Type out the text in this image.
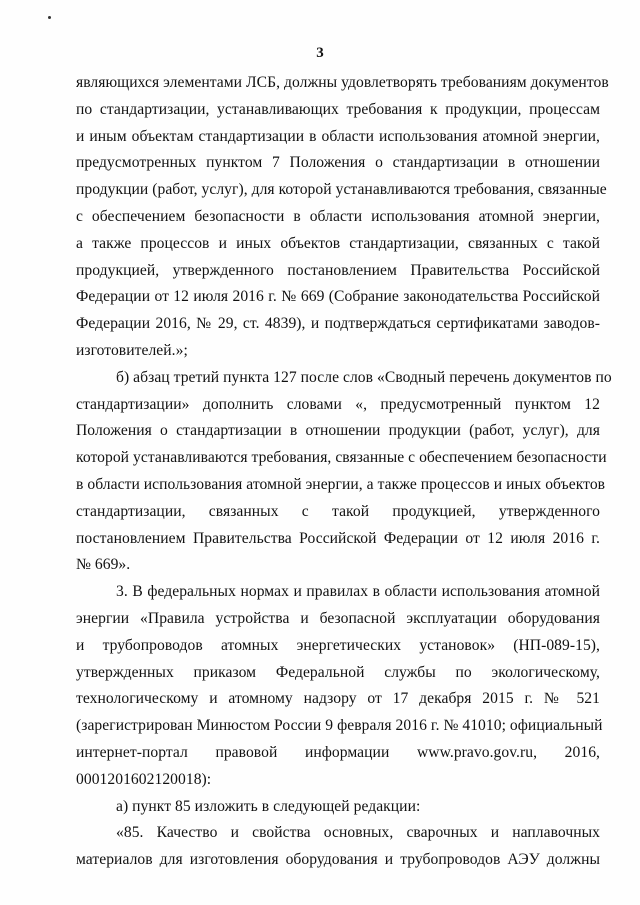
3

являющихся элементами ЛСБ, должны удовлетворять требованиям документов
по стандартизации, устанавливающих требования к продукции, процессам
и иным объектам стандартизации в области использования атомной энергии,
предусмотренных пунктом 7 Положения о стандартизации в отношении
продукции (работ, услуг), для которой устанавливаются требования, связанные
с обеспечением безопасности в области использования атомной энергии,
а также процессов и иных объектов стандартизации, связанных с такой
продукцией, утвержденного постановлением Правительства Российской
Федерации от 12 июля 2016 г. № 669 (Собрание законодательства Российской
Федерации 2016, № 29, ст. 4839), и подтверждаться сертификатами заводов-
изготовителей.»;

б) абзац третий пункта 127 после слов «Сводный перечень документов по
стандартизации» дополнить словами «, предусмотренный пунктом 12
Положения о стандартизации в отношении продукции (работ, услуг), для
которой устанавливаются требования, связанные с обеспечением безопасности
в области использования атомной энергии, а также процессов и иных объектов
стандартизации, связанных с такой продукцией, утвержденного
постановлением Правительства Российской Федерации от 12 июля 2016 г.
№ 669».

3. В федеральных нормах и правилах в области использования атомной
энергии «Правила устройства и безопасной эксплуатации оборудования
и трубопроводов атомных энергетических установок» (НП-089-15),
утвержденных приказом Федеральной службы по экологическому,
технологическому и атомному надзору от 17 декабря 2015 г. № 521
(зарегистрирован Минюстом России 9 февраля 2016 г. № 41010; официальный
интернет-портал правовой информации www.pravo.gov.ru, 2016,
0001201602120018):

а) пункт 85 изложить в следующей редакции:

«85. Качество и свойства основных, сварочных и наплавочных
материалов для изготовления оборудования и трубопроводов АЭУ должны
